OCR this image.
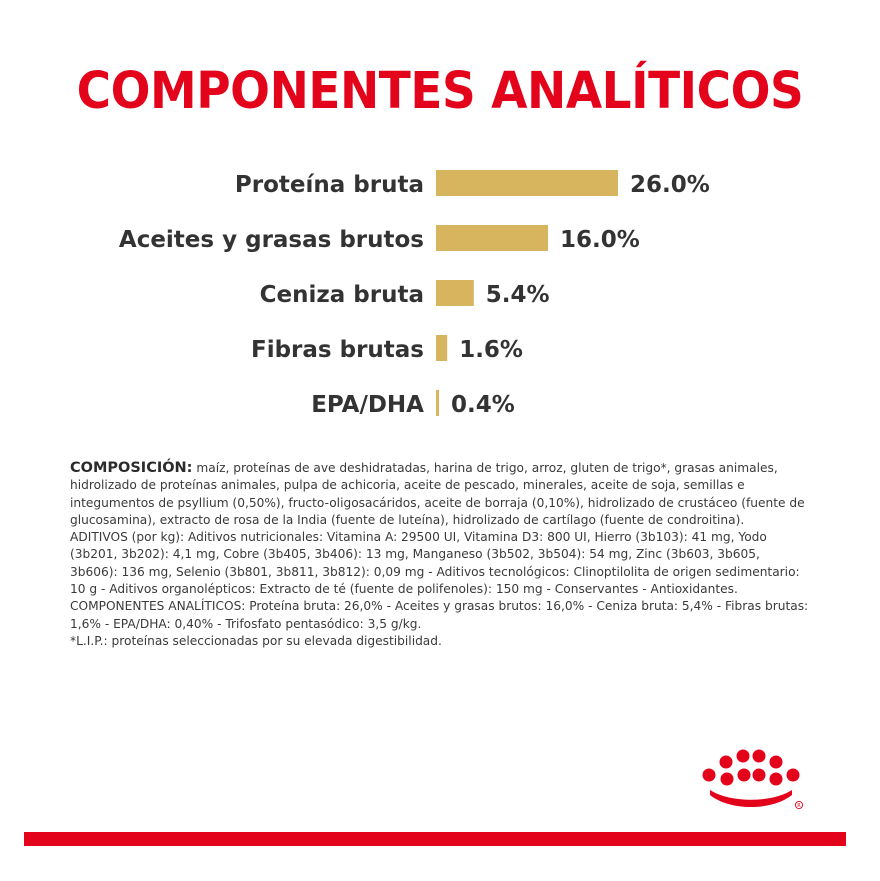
COMPONENTES ANALÍTICOS
Proteína bruta	26.0%
Aceites y grasas brutos	16.0%
Ceniza bruta	5.4%
Fibras brutas 1.6%
EPA/DHA 0.4%

COMPOSICIÓN: maíz, proteínas de ave deshidratadas, harina de trigo, arroz, gluten de trigo*, grasas animales, hidrolizado de proteínas animales, pulpa de achicoria, aceite de pescado, minerales, aceite de soja, semillas e integumentos de psyllium (0,50%), fructo-oligosacáridos, aceite de borraja (0,10%), hidrolizado de crustáceo (fuente de glucosamina), extracto de rosa de la India (fuente de luteína), hidrolizado de cartílago (fuente de condroitina).

ADITIVOS (por kg): Aditivos nutricionales: Vitamina A: 29500 UI, Vitamina D3: 800 UI, Hierro (3b103): 41 mg, Yodo (3b201, 3b202): 4,1 mg, Cobre (3b405, 3b406): 13 mg, Manganeso (3b502, 3b504): 54 mg, Zinc (3b603, 3b605, 3b606): 136 mg, Selenio (3b801, 3b811, 3b812): 0,09 mg - Aditivos tecnológicos: Clinoptilolita de origen sedimentario: 10 g - Aditivos organolépticos: Extracto de té (fuente de polifenoles): 150 mg - Conservantes - Antioxidantes.

COMPONENTES ANALÍTICOS: Proteína bruta: 26,0% - Aceites y grasas brutos: 16,0% - Ceniza bruta: 5,4% - Fibras brutas: 1,6% - EPA/DHA: 0,40% - Trifosfato pentasódico: 3,5 g/kg.

*L.I.P.: proteínas seleccionadas por su elevada digestibilidad.

R
